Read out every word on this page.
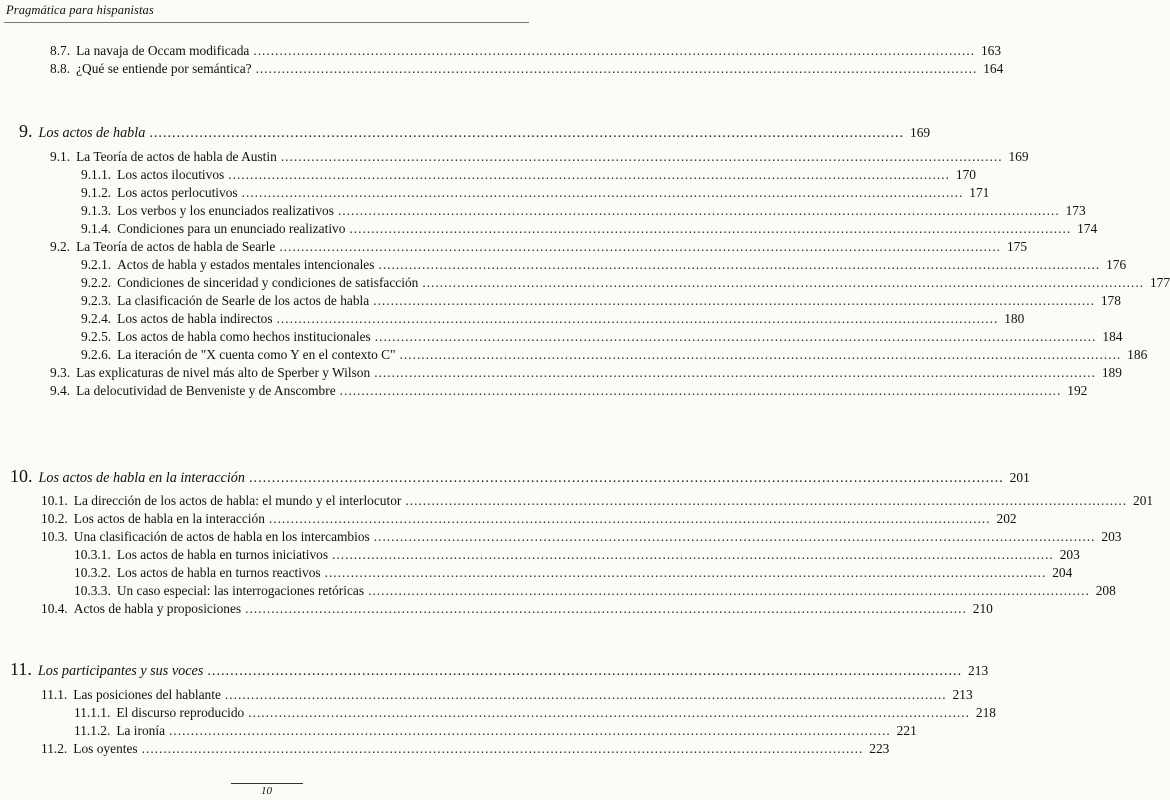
Pragmática para hispanistas
8.7. La navaja de Occam modificada .....	163
8.8. ¿Qué se entiende por semántica? .....	164
9. Los actos de habla .....	169
9.1. La Teoría de actos de habla de Austin .....	169
9.1.1. Los actos ilocutivos .....	170
9.1.2. Los actos perlocutivos .....	171
9.1.3. Los verbos y los enunciados realizativos .....	173
9.1.4. Condiciones para un enunciado realizativo .....	174
9.2. La Teoría de actos de habla de Searle .....	175
9.2.1. Actos de habla y estados mentales intencionales .....	176
9.2.2. Condiciones de sinceridad y condiciones de satisfacción .....	177
9.2.3. La clasificación de Searle de los actos de habla .....	178
9.2.4. Los actos de habla indirectos .....	180
9.2.5. Los actos de habla como hechos institucionales .....	184
9.2.6. La iteración de "X cuenta como Y en el contexto C" .....	186
9.3. Las explicaturas de nivel más alto de Sperber y Wilson .....	189
9.4. La delocutividad de Benveniste y de Anscombre .....	192
10. Los actos de habla en la interacción .....	201
10.1. La dirección de los actos de habla: el mundo y el interlocutor .....	201
10.2. Los actos de habla en la interacción .....	202
10.3. Una clasificación de actos de habla en los intercambios .....	203
10.3.1. Los actos de habla en turnos iniciativos .....	203
10.3.2. Los actos de habla en turnos reactivos .....	204
10.3.3. Un caso especial: las interrogaciones retóricas .....	208
10.4. Actos de habla y proposiciones .....	210
11. Los participantes y sus voces .....	213
11.1. Las posiciones del hablante .....	213
11.1.1. El discurso reproducido .....	218
11.1.2. La ironía .....	221
11.2. Los oyentes .....	223
10
